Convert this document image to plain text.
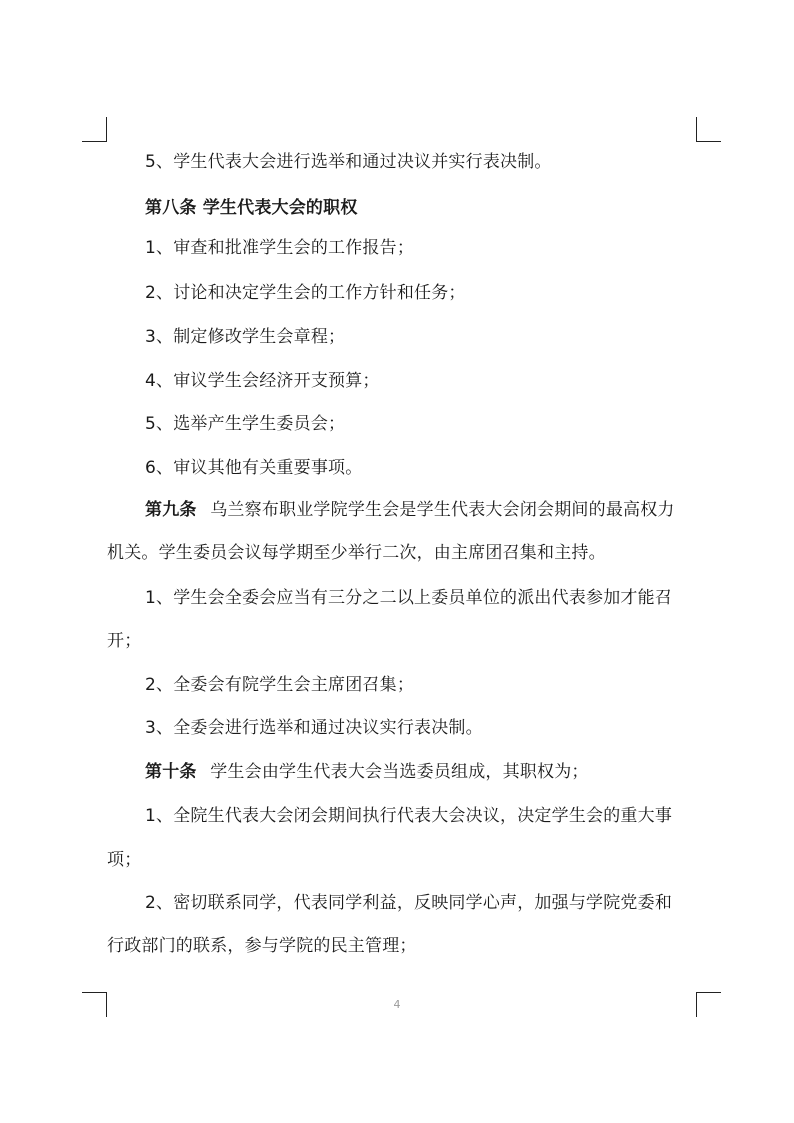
5、学生代表大会进行选举和通过决议并实行表决制。

第八条 学生代表大会的职权

1、审查和批准学生会的工作报告；

2、讨论和决定学生会的工作方针和任务；

3、制定修改学生会章程；

4、审议学生会经济开支预算；

5、选举产生学生委员会；

6、审议其他有关重要事项。

第九条 乌兰察布职业学院学生会是学生代表大会闭会期间的最高权力

机关。学生委员会议每学期至少举行二次，由主席团召集和主持。

1、学生会全委会应当有三分之二以上委员单位的派出代表参加才能召

开；

2、全委会有院学生会主席团召集；

3、全委会进行选举和通过决议实行表决制。

第十条 学生会由学生代表大会当选委员组成，其职权为；

1、全院生代表大会闭会期间执行代表大会决议，决定学生会的重大事

项；

2、密切联系同学，代表同学利益，反映同学心声，加强与学院党委和

行政部门的联系，参与学院的民主管理；

4
